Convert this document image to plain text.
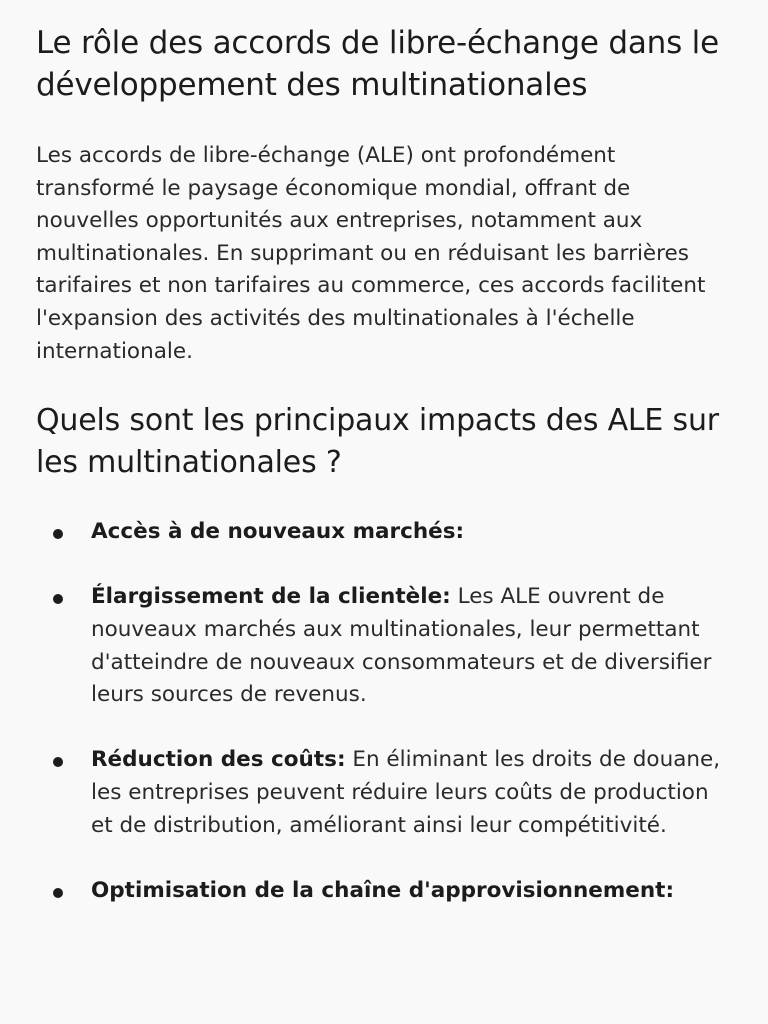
Le rôle des accords de libre-échange dans le développement des multinationales

Les accords de libre-échange (ALE) ont profondément transformé le paysage économique mondial, offrant de nouvelles opportunités aux entreprises, notamment aux multinationales. En supprimant ou en réduisant les barrières tarifaires et non tarifaires au commerce, ces accords facilitent l'expansion des activités des multinationales à l'échelle internationale.

Quels sont les principaux impacts des ALE sur les multinationales ?
Accès à de nouveaux marchés:
Élargissement de la clientèle: Les ALE ouvrent de nouveaux marchés aux multinationales, leur permettant d'atteindre de nouveaux consommateurs et de diversifier leurs sources de revenus.
Réduction des coûts: En éliminant les droits de douane, les entreprises peuvent réduire leurs coûts de production et de distribution, améliorant ainsi leur compétitivité.
Optimisation de la chaîne d'approvisionnement:
